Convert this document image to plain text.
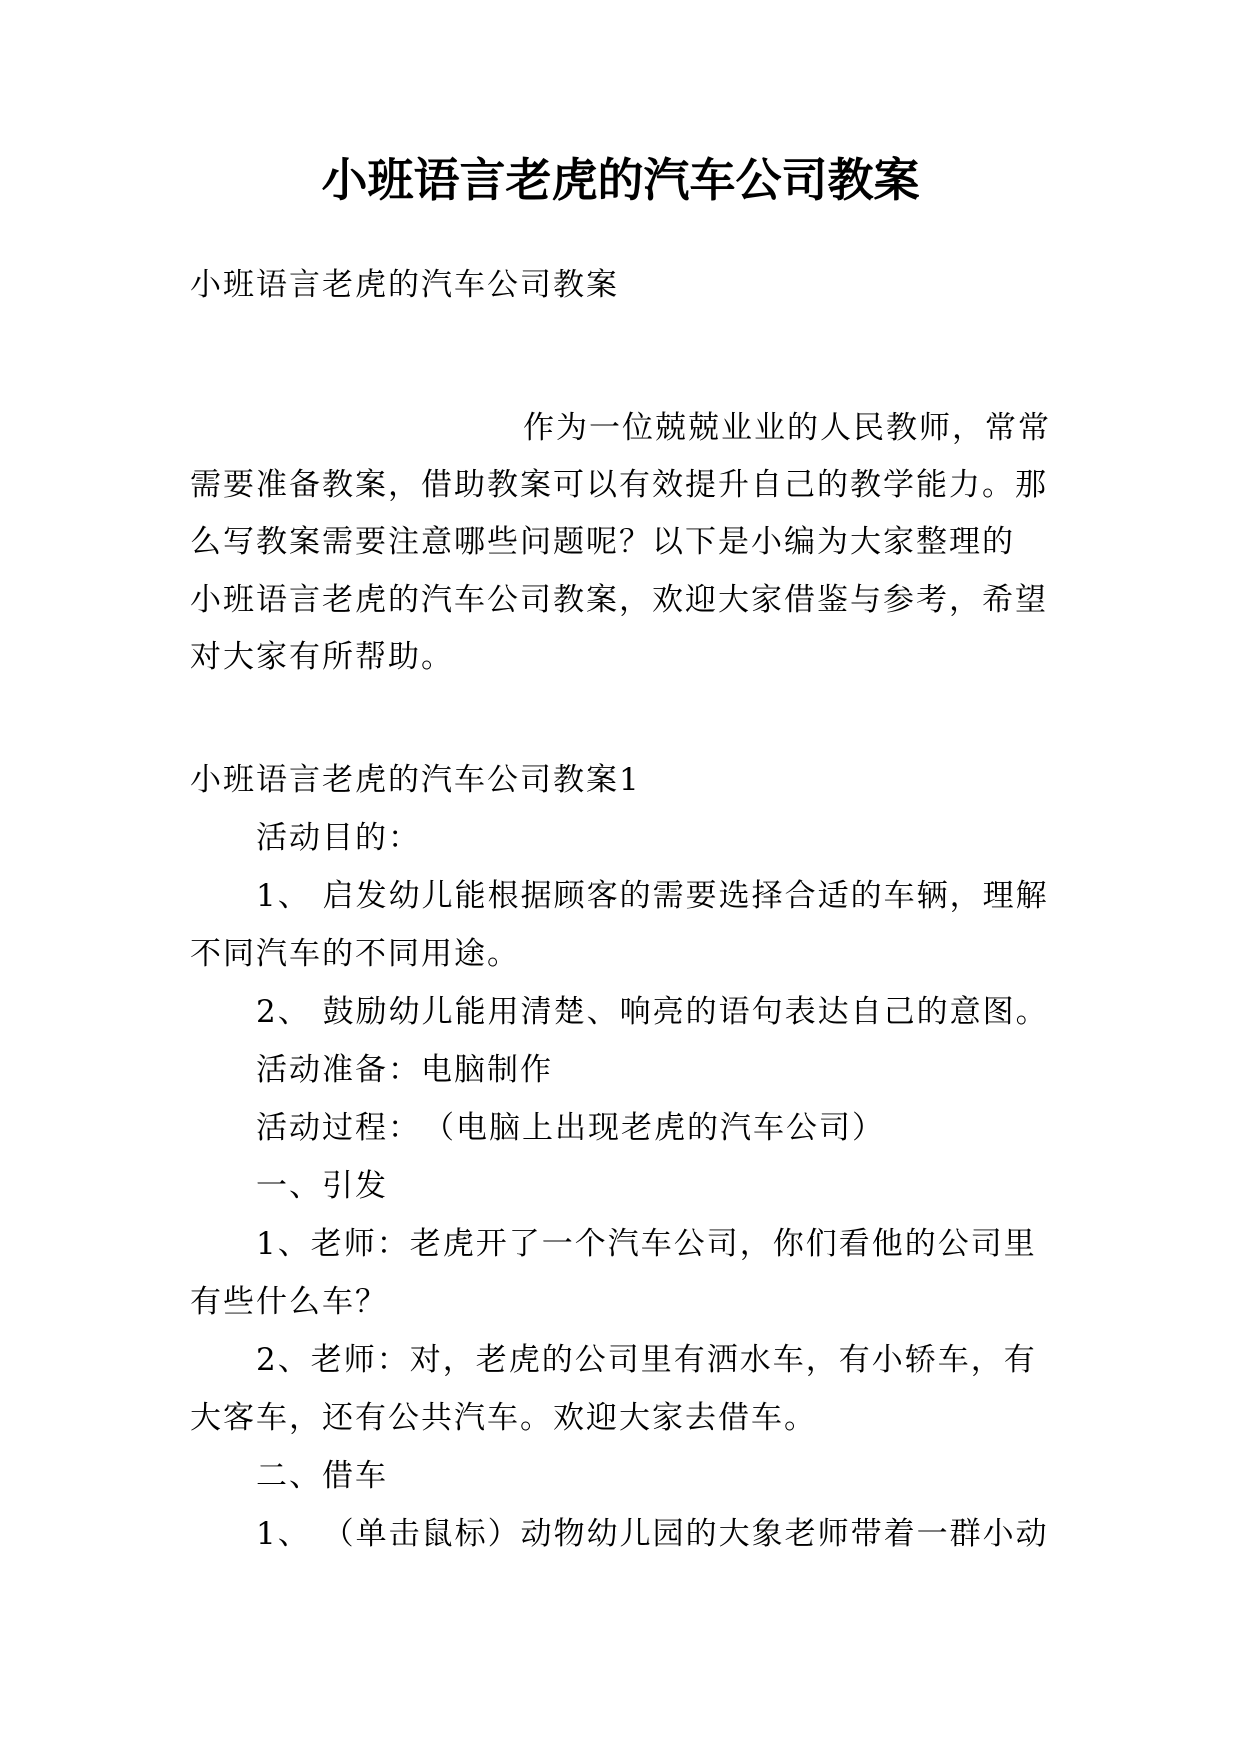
小班语言老虎的汽车公司教案

小班语言老虎的汽车公司教案

作为一位兢兢业业的人民教师，常常

需要准备教案，借助教案可以有效提升自己的教学能力。那

么写教案需要注意哪些问题呢？以下是小编为大家整理的

小班语言老虎的汽车公司教案，欢迎大家借鉴与参考，希望

对大家有所帮助。

小班语言老虎的汽车公司教案1

活动目的：

1、 启发幼儿能根据顾客的需要选择合适的车辆，理解

不同汽车的不同用途。

2、 鼓励幼儿能用清楚、响亮的语句表达自己的意图。

活动准备：电脑制作

活动过程：　（电脑上出现老虎的汽车公司）

一、引发

1、老师：老虎开了一个汽车公司，你们看他的公司里

有些什么车？

2、老师：对，老虎的公司里有洒水车，有小轿车，有

大客车，还有公共汽车。欢迎大家去借车。

二、借车

1、 （单击鼠标）动物幼儿园的大象老师带着一群小动
